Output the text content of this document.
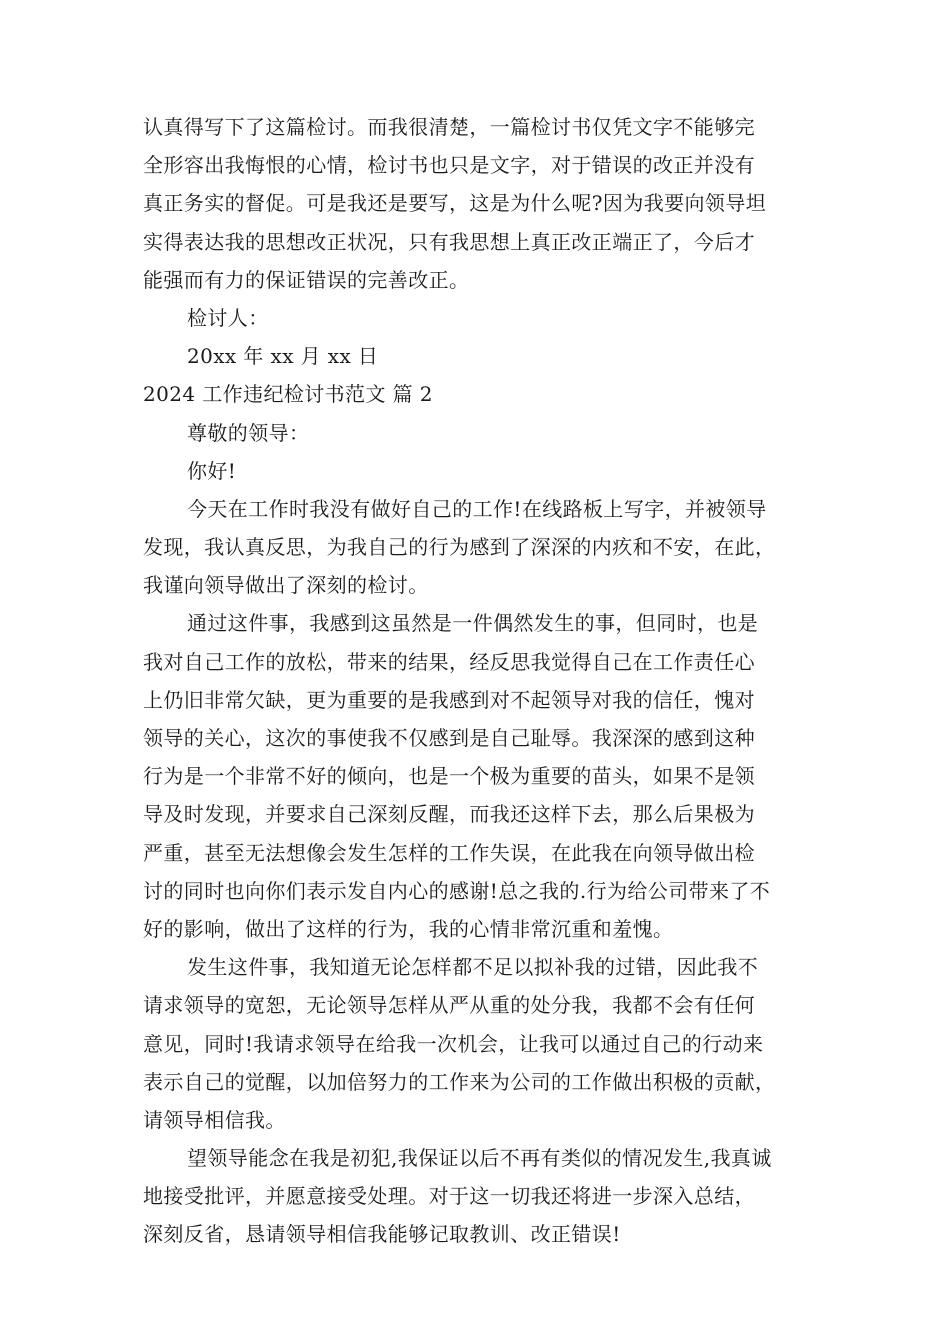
认真得写下了这篇检讨。而我很清楚，一篇检讨书仅凭文字不能够完
全形容出我悔恨的心情，检讨书也只是文字，对于错误的改正并没有
真正务实的督促。可是我还是要写，这是为什么呢?因为我要向领导坦
实得表达我的思想改正状况，只有我思想上真正改正端正了，今后才
能强而有力的保证错误的完善改正。
检讨人：
20xx 年 xx 月 xx 日
2024 工作违纪检讨书范文 篇 2
尊敬的领导：
你好!
今天在工作时我没有做好自己的工作!在线路板上写字，并被领导
发现，我认真反思，为我自己的行为感到了深深的内疚和不安，在此，
我谨向领导做出了深刻的检讨。
通过这件事，我感到这虽然是一件偶然发生的事，但同时，也是
我对自己工作的放松，带来的结果，经反思我觉得自己在工作责任心
上仍旧非常欠缺，更为重要的是我感到对不起领导对我的信任，愧对
领导的关心，这次的事使我不仅感到是自己耻辱。我深深的感到这种
行为是一个非常不好的倾向，也是一个极为重要的苗头，如果不是领
导及时发现，并要求自己深刻反醒，而我还这样下去，那么后果极为
严重，甚至无法想像会发生怎样的工作失误，在此我在向领导做出检
讨的同时也向你们表示发自内心的感谢!总之我的.行为给公司带来了不
好的影响，做出了这样的行为，我的心情非常沉重和羞愧。
发生这件事，我知道无论怎样都不足以拟补我的过错，因此我不
请求领导的宽恕，无论领导怎样从严从重的处分我，我都不会有任何
意见，同时!我请求领导在给我一次机会，让我可以通过自己的行动来
表示自己的觉醒，以加倍努力的工作来为公司的工作做出积极的贡献，
请领导相信我。
望领导能念在我是初犯,我保证以后不再有类似的情况发生,我真诚
地接受批评，并愿意接受处理。对于这一切我还将进一步深入总结，
深刻反省，恳请领导相信我能够记取教训、改正错误!
